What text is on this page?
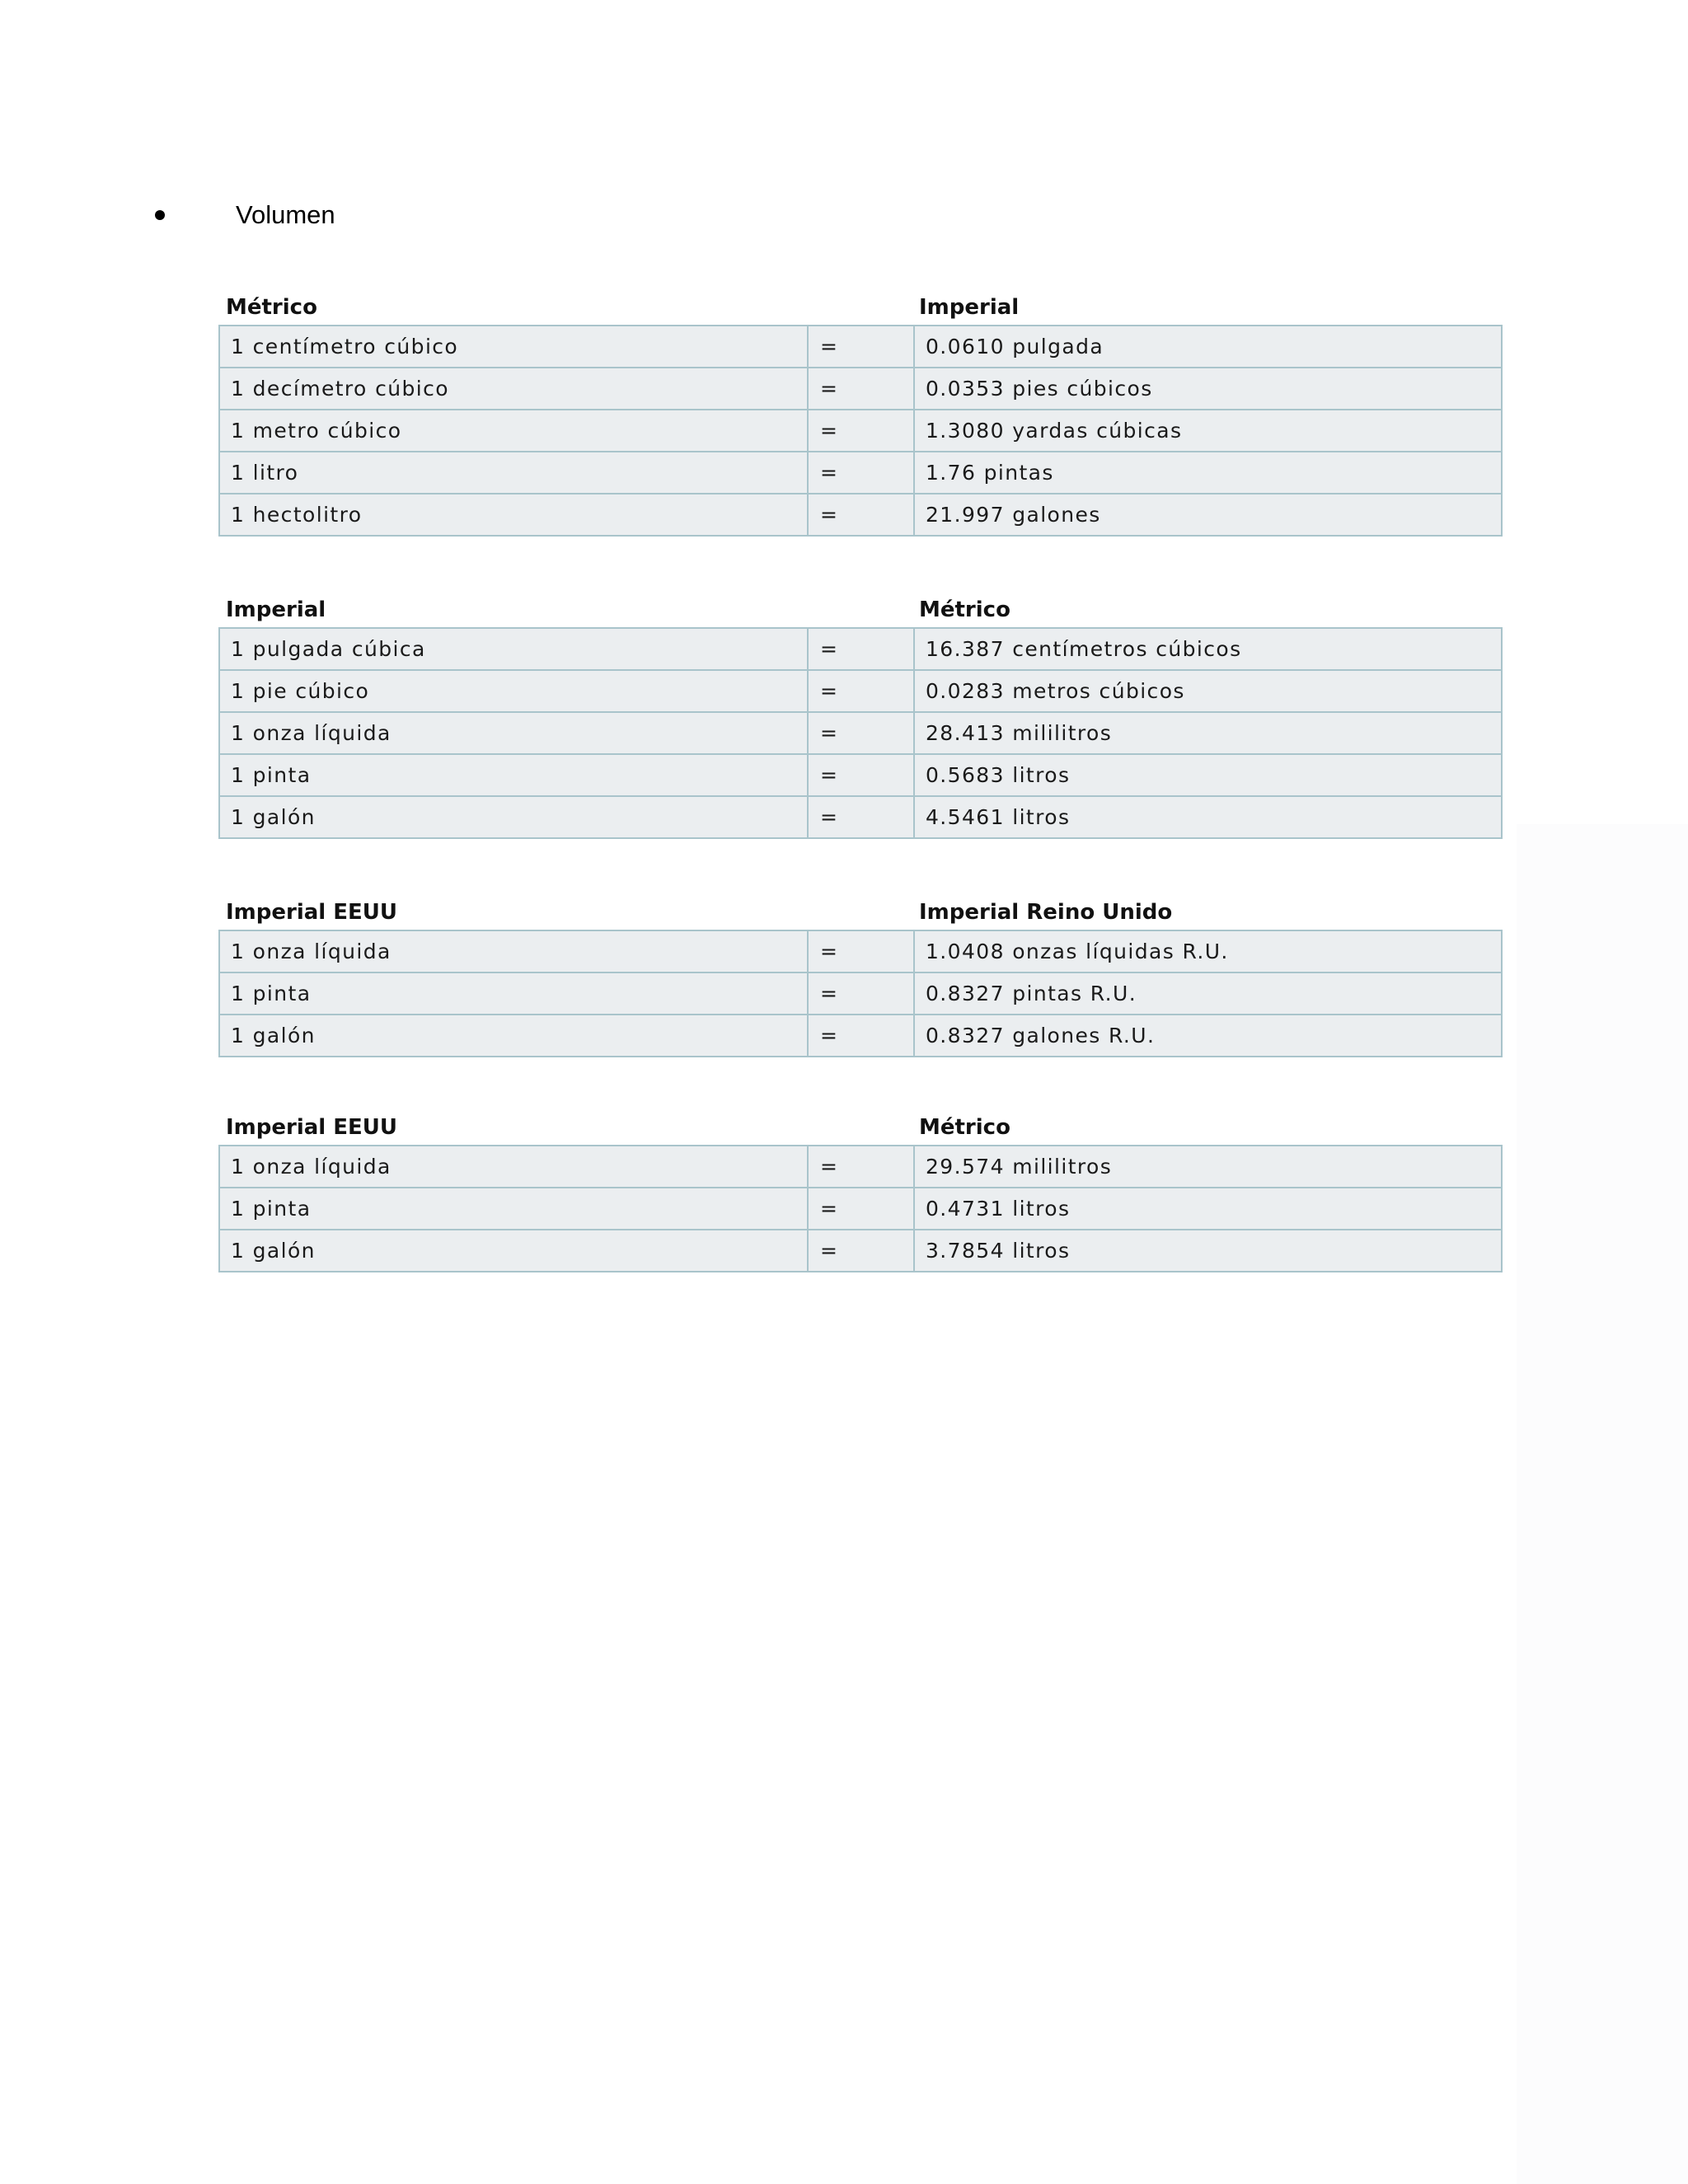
Volumen
Métrico	Imperial
1 centímetro cúbico	=	0.0610 pulgada
1 decímetro cúbico	=	0.0353 pies cúbicos
1 metro cúbico	=	1.3080 yardas cúbicas
1 litro	=	1.76 pintas
1 hectolitro	=	21.997 galones
Imperial	Métrico
1 pulgada cúbica	=	16.387 centímetros cúbicos
1 pie cúbico	=	0.0283 metros cúbicos
1 onza líquida	=	28.413 mililitros
1 pinta	=	0.5683 litros
1 galón	=	4.5461 litros
Imperial EEUU	Imperial Reino Unido
1 onza líquida	=	1.0408 onzas líquidas R.U.
1 pinta	=	0.8327 pintas R.U.
1 galón	=	0.8327 galones R.U.
Imperial EEUU	Métrico
1 onza líquida	=	29.574 mililitros
1 pinta	=	0.4731 litros
1 galón	=	3.7854 litros
